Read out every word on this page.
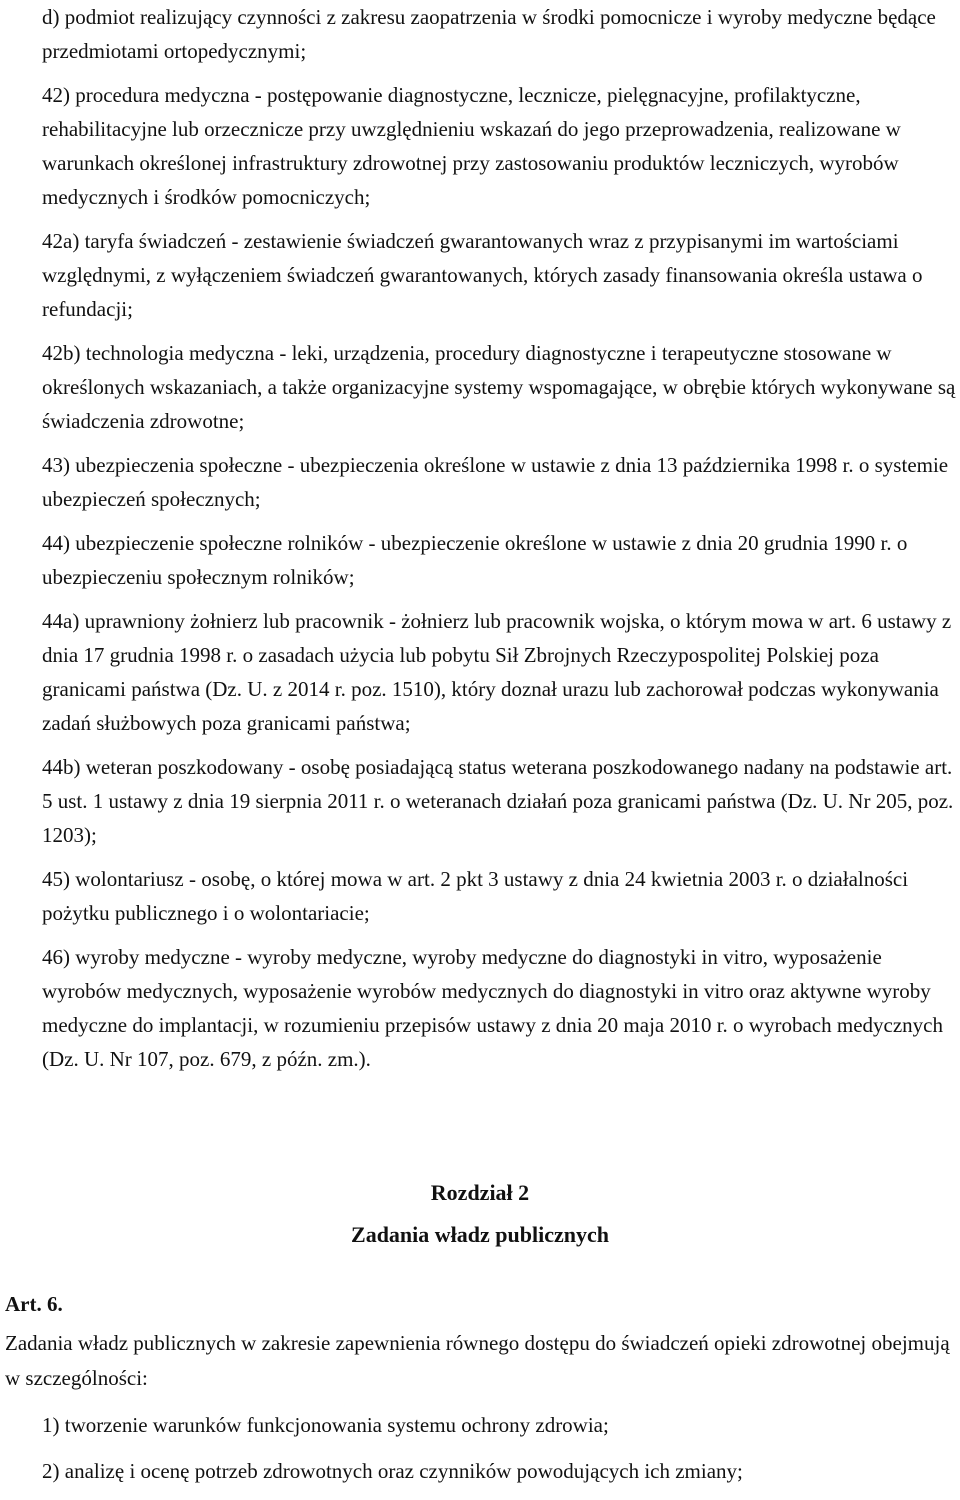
d) podmiot realizujący czynności z zakresu zaopatrzenia w środki pomocnicze i wyroby medyczne będące przedmiotami ortopedycznymi;
42) procedura medyczna - postępowanie diagnostyczne, lecznicze, pielęgnacyjne, profilaktyczne, rehabilitacyjne lub orzecznicze przy uwzględnieniu wskazań do jego przeprowadzenia, realizowane w warunkach określonej infrastruktury zdrowotnej przy zastosowaniu produktów leczniczych, wyrobów medycznych i środków pomocniczych;
42a) taryfa świadczeń - zestawienie świadczeń gwarantowanych wraz z przypisanymi im wartościami względnymi, z wyłączeniem świadczeń gwarantowanych, których zasady finansowania określa ustawa o refundacji;
42b) technologia medyczna - leki, urządzenia, procedury diagnostyczne i terapeutyczne stosowane w określonych wskazaniach, a także organizacyjne systemy wspomagające, w obrębie których wykonywane są świadczenia zdrowotne;
43) ubezpieczenia społeczne - ubezpieczenia określone w ustawie z dnia 13 października 1998 r. o systemie ubezpieczeń społecznych;
44) ubezpieczenie społeczne rolników - ubezpieczenie określone w ustawie z dnia 20 grudnia 1990 r. o ubezpieczeniu społecznym rolników;
44a) uprawniony żołnierz lub pracownik - żołnierz lub pracownik wojska, o którym mowa w art. 6 ustawy z dnia 17 grudnia 1998 r. o zasadach użycia lub pobytu Sił Zbrojnych Rzeczypospolitej Polskiej poza granicami państwa (Dz. U. z 2014 r. poz. 1510), który doznał urazu lub zachorował podczas wykonywania zadań służbowych poza granicami państwa;
44b) weteran poszkodowany - osobę posiadającą status weterana poszkodowanego nadany na podstawie art. 5 ust. 1 ustawy z dnia 19 sierpnia 2011 r. o weteranach działań poza granicami państwa (Dz. U. Nr 205, poz. 1203);
45) wolontariusz - osobę, o której mowa w art. 2 pkt 3 ustawy z dnia 24 kwietnia 2003 r. o działalności pożytku publicznego i o wolontariacie;
46) wyroby medyczne - wyroby medyczne, wyroby medyczne do diagnostyki in vitro, wyposażenie wyrobów medycznych, wyposażenie wyrobów medycznych do diagnostyki in vitro oraz aktywne wyroby medyczne do implantacji, w rozumieniu przepisów ustawy z dnia 20 maja 2010 r. o wyrobach medycznych (Dz. U. Nr 107, poz. 679, z późn. zm.).
Rozdział 2
Zadania władz publicznych
Art. 6.
Zadania władz publicznych w zakresie zapewnienia równego dostępu do świadczeń opieki zdrowotnej obejmują w szczególności:
1) tworzenie warunków funkcjonowania systemu ochrony zdrowia;
2) analizę i ocenę potrzeb zdrowotnych oraz czynników powodujących ich zmiany;
